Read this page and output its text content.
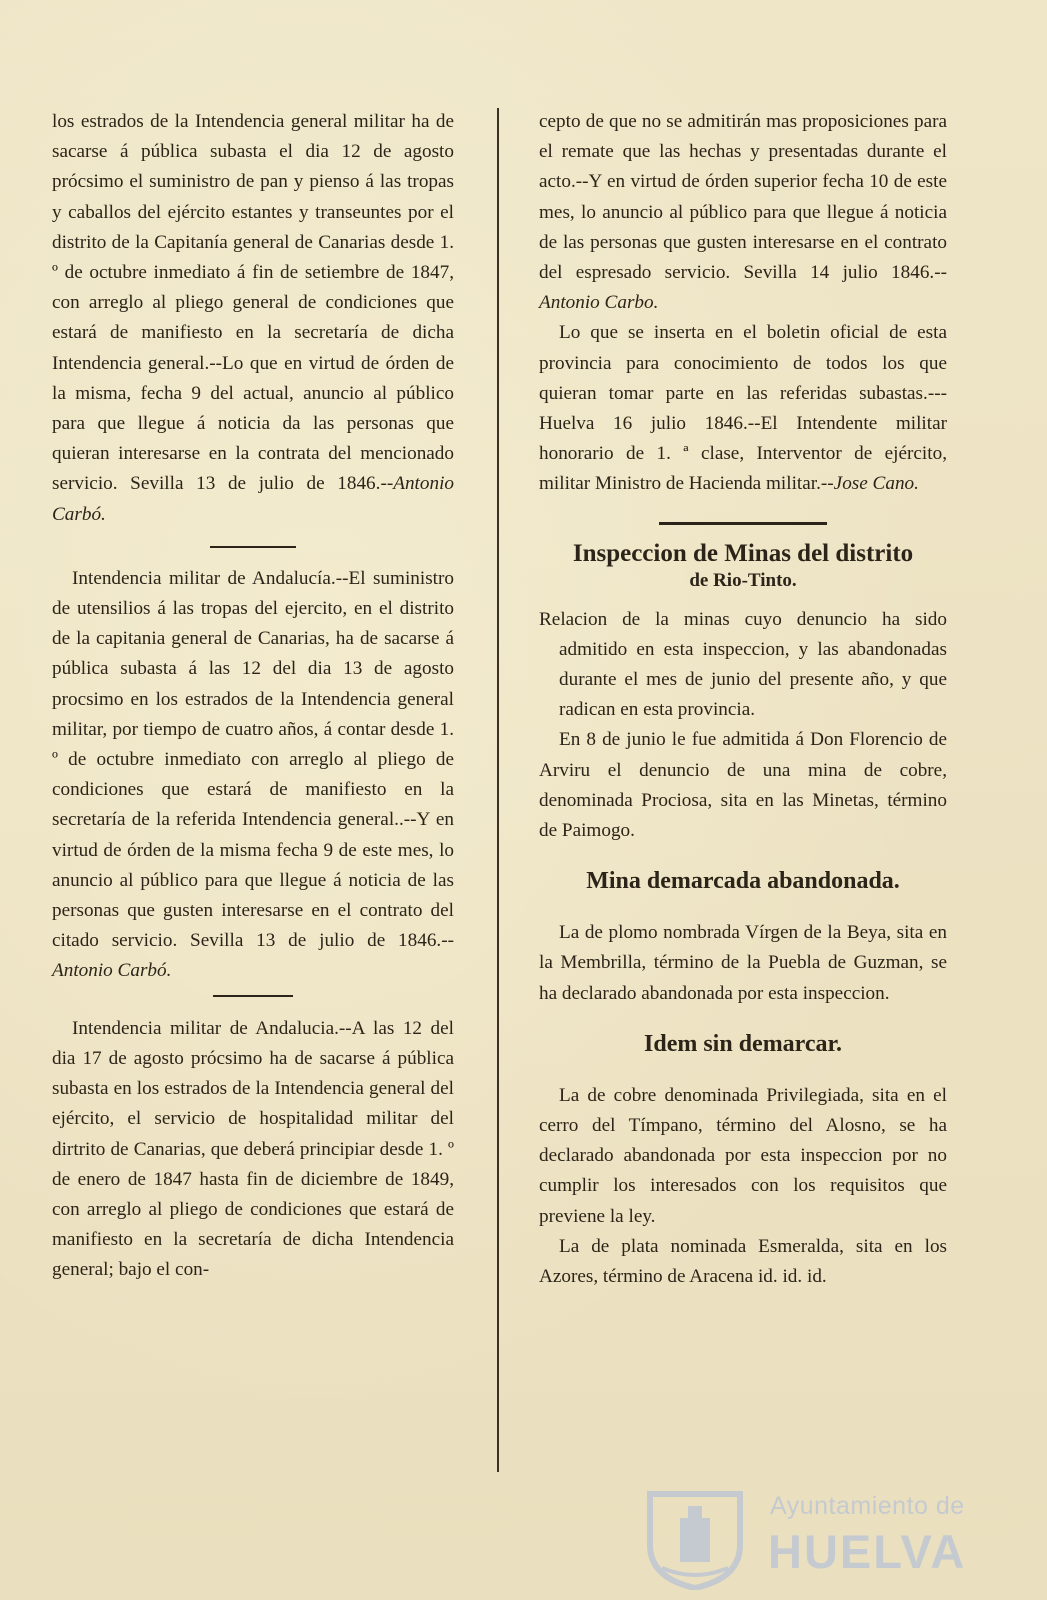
los estrados de la Intendencia general militar ha de sacarse á pública subasta el dia 12 de agosto prócsimo el suministro de pan y pienso á las tropas y caballos del ejército estantes y transeuntes por el distrito de la Capitanía general de Canarias desde 1. º de octubre inmediato á fin de setiembre de 1847, con arreglo al pliego general de condiciones que estará de manifiesto en la secretaría de dicha Intendencia general.--Lo que en virtud de órden de la misma, fecha 9 del actual, anuncio al público para que llegue á noticia da las personas que quieran interesarse en la contrata del mencionado servicio. Sevilla 13 de julio de 1846.--Antonio Carbó.

Intendencia militar de Andalucía.--El suministro de utensilios á las tropas del ejercito, en el distrito de la capitania general de Canarias, ha de sacarse á pública subasta á las 12 del dia 13 de agosto procsimo en los estrados de la Intendencia general militar, por tiempo de cuatro años, á contar desde 1. º de octubre inmediato con arreglo al pliego de condiciones que estará de manifiesto en la secretaría de la referida Intendencia general..--Y en virtud de órden de la misma fecha 9 de este mes, lo anuncio al público para que llegue á noticia de las personas que gusten interesarse en el contrato del citado servicio. Sevilla 13 de julio de 1846.--Antonio Carbó.

Intendencia militar de Andalucia.--A las 12 del dia 17 de agosto prócsimo ha de sacarse á pública subasta en los estrados de la Intendencia general del ejército, el servicio de hospitalidad militar del dirtrito de Canarias, que deberá principiar desde 1. º de enero de 1847 hasta fin de diciembre de 1849, con arreglo al pliego de condiciones que estará de manifiesto en la secretaría de dicha Intendencia general; bajo el con-

cepto de que no se admitirán mas proposiciones para el remate que las hechas y presentadas durante el acto.--Y en virtud de órden superior fecha 10 de este mes, lo anuncio al público para que llegue á noticia de las personas que gusten interesarse en el contrato del espresado servicio. Sevilla 14 julio 1846.--Antonio Carbo.

Lo que se inserta en el boletin oficial de esta provincia para conocimiento de todos los que quieran tomar parte en las referidas subastas.---Huelva 16 julio 1846.--El Intendente militar honorario de 1. ª clase, Interventor de ejército, militar Ministro de Hacienda militar.--Jose Cano.

Inspeccion de Minas del distrito
de Rio-Tinto.

Relacion de la minas cuyo denuncio ha sido admitido en esta inspeccion, y las abandonadas durante el mes de junio del presente año, y que radican en esta provincia.

En 8 de junio le fue admitida á Don Florencio de Arviru el denuncio de una mina de cobre, denominada Prociosa, sita en las Minetas, término de Paimogo.

Mina demarcada abandonada.

La de plomo nombrada Vírgen de la Beya, sita en la Membrilla, término de la Puebla de Guzman, se ha declarado abandonada por esta inspeccion.

Idem sin demarcar.

La de cobre denominada Privilegiada, sita en el cerro del Tímpano, término del Alosno, se ha declarado abandonada por esta inspeccion por no cumplir los interesados con los requisitos que previene la ley.

La de plata nominada Esmeralda, sita en los Azores, término de Aracena id. id. id.

Ayuntamiento de
HUELVA
